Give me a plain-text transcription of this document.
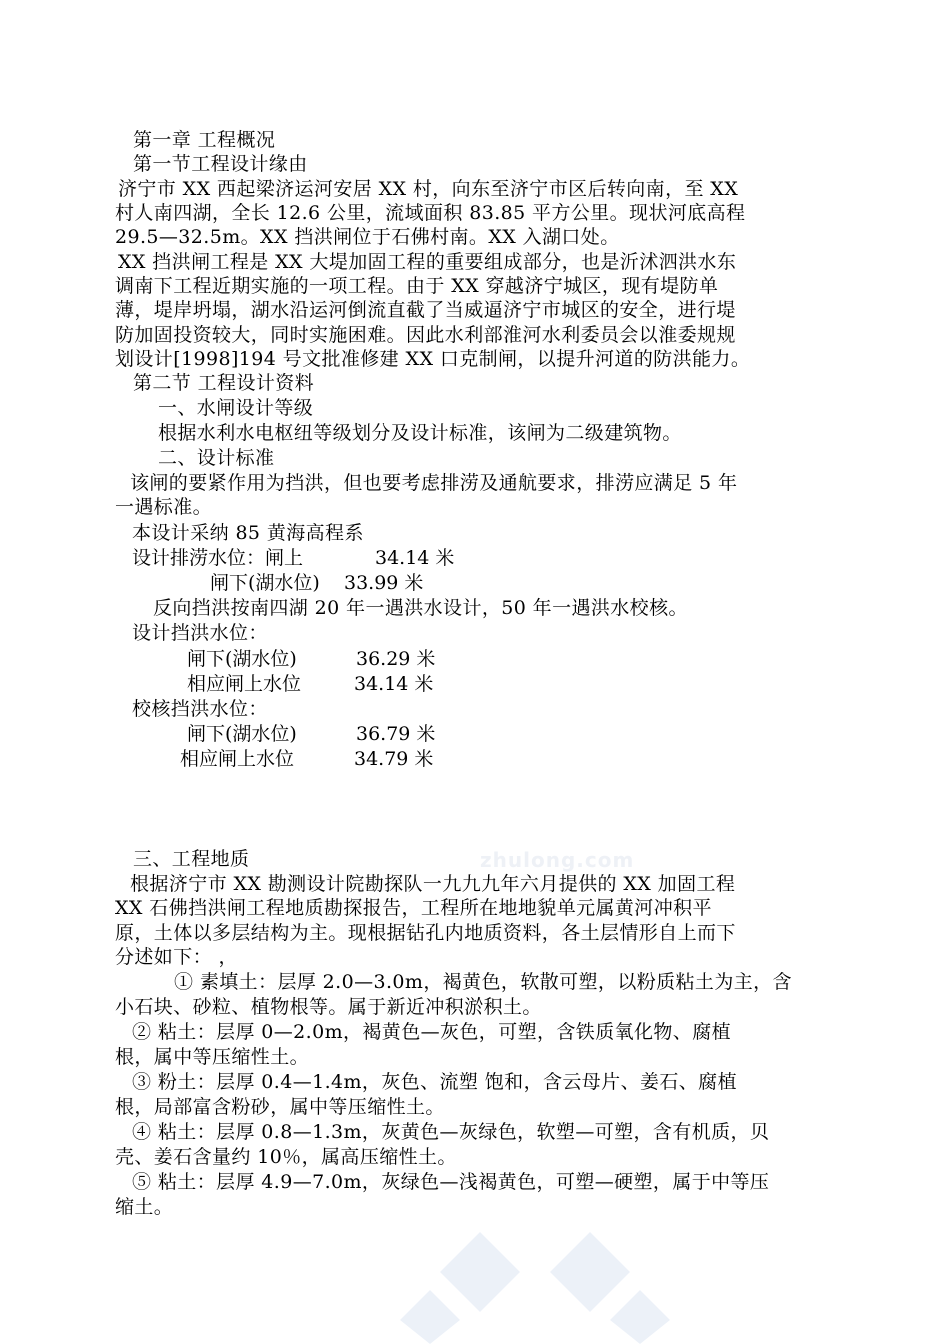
zhulong.com
第一章 工程概况
第一节工程设计缘由
济宁市 XX 西起梁济运河安居 XX 村，向东至济宁市区后转向南，至 XX
村人南四湖，全长 12.6 公里，流域面积 83.85 平方公里。现状河底高程
29.5—32.5m。XX 挡洪闸位于石佛村南。XX 入湖口处。
XX 挡洪闸工程是 XX 大堤加固工程的重要组成部分，也是沂沭泗洪水东
调南下工程近期实施的一项工程。由于 XX 穿越济宁城区，现有堤防单
薄，堤岸坍塌，湖水沿运河倒流直截了当威逼济宁市城区的安全，进行堤
防加固投资较大，同时实施困难。因此水利部淮河水利委员会以淮委规规
划设计[1998]194 号文批准修建 XX 口克制闸，以提升河道的防洪能力。
第二节 工程设计资料
一、水闸设计等级
根据水利水电枢纽等级划分及设计标准，该闸为二级建筑物。
二、设计标准
该闸的要紧作用为挡洪，但也要考虑排涝及通航要求，排涝应满足 5 年
一遇标准。
本设计采纳 85 黄海高程系
设计排涝水位：闸上	34.14 米
闸下(湖水位) 33.99 米
反向挡洪按南四湖 20 年一遇洪水设计，50 年一遇洪水校核。
设计挡洪水位：
闸下(湖水位)	36.29 米
相应闸上水位	34.14 米
校核挡洪水位：
闸下(湖水位)	36.79 米
相应闸上水位	34.79 米
三、工程地质
根据济宁市 XX 勘测设计院勘探队一九九九年六月提供的 XX 加固工程
XX 石佛挡洪闸工程地质勘探报告，工程所在地地貌单元属黄河冲积平
原，土体以多层结构为主。现根据钻孔内地质资料，各土层情形自上而下
分述如下： ，
① 素填土：层厚 2.0—3.0m，褐黄色，软散可塑，以粉质粘土为主，含
小石块、砂粒、植物根等。属于新近冲积淤积土。
② 粘土：层厚 0—2.0m，褐黄色—灰色，可塑，含铁质氧化物、腐植
根，属中等压缩性土。
③ 粉土：层厚 0.4—1.4m，灰色、流塑 饱和，含云母片、姜石、腐植
根，局部富含粉砂，属中等压缩性土。
④ 粘土：层厚 0.8—1.3m，灰黄色—灰绿色，软塑—可塑，含有机质，贝
壳、姜石含量约 10％，属高压缩性土。
⑤ 粘土：层厚 4.9—7.0m，灰绿色—浅褐黄色，可塑—硬塑，属于中等压
缩土。
